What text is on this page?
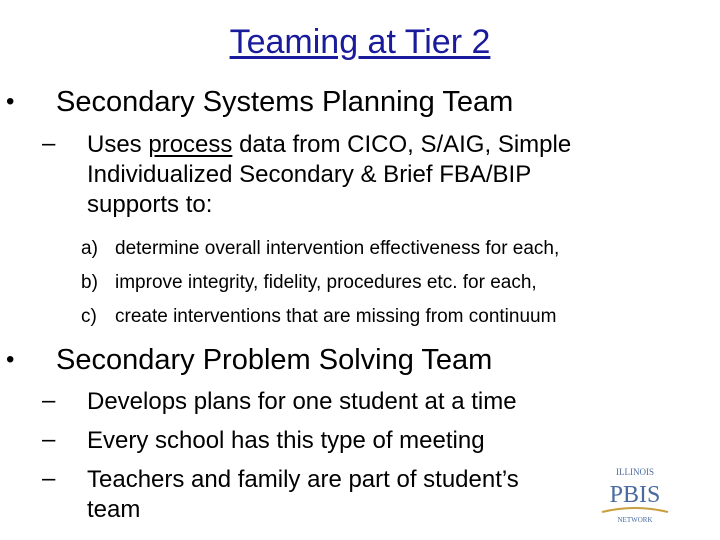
Teaming at Tier 2
• Secondary Systems Planning Team
– Uses process data from CICO, S/AIG, Simple
Individualized Secondary & Brief FBA/BIP
supports to:
a) determine overall intervention effectiveness for each,
b) improve integrity, fidelity, procedures etc. for each,
c) create interventions that are missing from continuum
• Secondary Problem Solving Team
– Develops plans for one student at a time
– Every school has this type of meeting
– Teachers and family are part of student’s
team
ILLINOIS
PBIS
NETWORK
